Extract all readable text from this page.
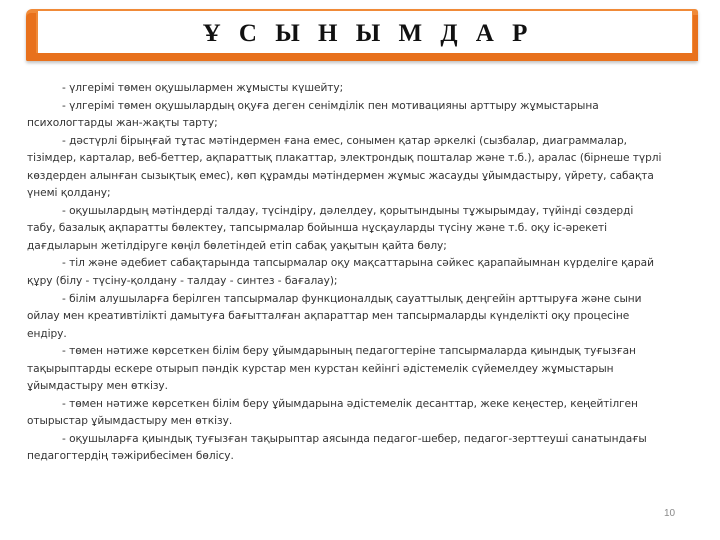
Ұ С Ы Н Ы М Д А Р
- үлгерімі төмен оқушылармен жұмысты күшейту;
- үлгерімі төмен оқушылардың оқуға деген сенімділік пен мотивацияны арттыру жұмыстарына
психологтарды жан-жақты тарту;
- дәстүрлі бірыңғай тұтас мәтіндермен ғана емес, сонымен қатар әркелкі (сызбалар, диаграммалар,
тізімдер, карталар, веб-беттер, ақпараттық плакаттар, электрондық пошталар және т.б.), аралас (бірнеше түрлі
көздерден алынған сызықтық емес), көп құрамды мәтіндермен жұмыс жасауды ұйымдастыру, үйрету, сабақта
үнемі қолдану;
- оқушылардың мәтіндерді талдау, түсіндіру, дәлелдеу, қорытындыны тұжырымдау, түйінді сөздерді
табу, базалық ақпаратты бөлектеу, тапсырмалар бойынша нұсқауларды түсіну және т.б. оқу іс-әрекеті
дағдыларын жетілдіруге көңіл бөлетіндей етіп сабақ уақытын қайта бөлу;
- тіл және әдебиет сабақтарында тапсырмалар оқу мақсаттарына сәйкес қарапайымнан күрделіге қарай
құру (білу - түсіну-қолдану - талдау - синтез - бағалау);
- білім алушыларға берілген тапсырмалар функционалдық сауаттылық деңгейін арттыруға және сыни
ойлау мен креативтілікті дамытуға бағытталған ақпараттар мен тапсырмаларды күнделікті оқу процесіне
ендіру.
- төмен нәтиже көрсеткен білім беру ұйымдарының педагогтеріне тапсырмаларда қиындық туғызған
тақырыптарды ескере отырып пәндік курстар мен курстан кейінгі әдістемелік сүйемелдеу жұмыстарын
ұйымдастыру мен өткізу.
- төмен нәтиже көрсеткен білім беру ұйымдарына әдістемелік десанттар, жеке кеңестер, кеңейтілген
отырыстар ұйымдастыру мен өткізу.
- оқушыларға қиындық туғызған тақырыптар аясында педагог-шебер, педагог-зерттеуші санатындағы
педагогтердің тәжірибесімен бөлісу.
10
